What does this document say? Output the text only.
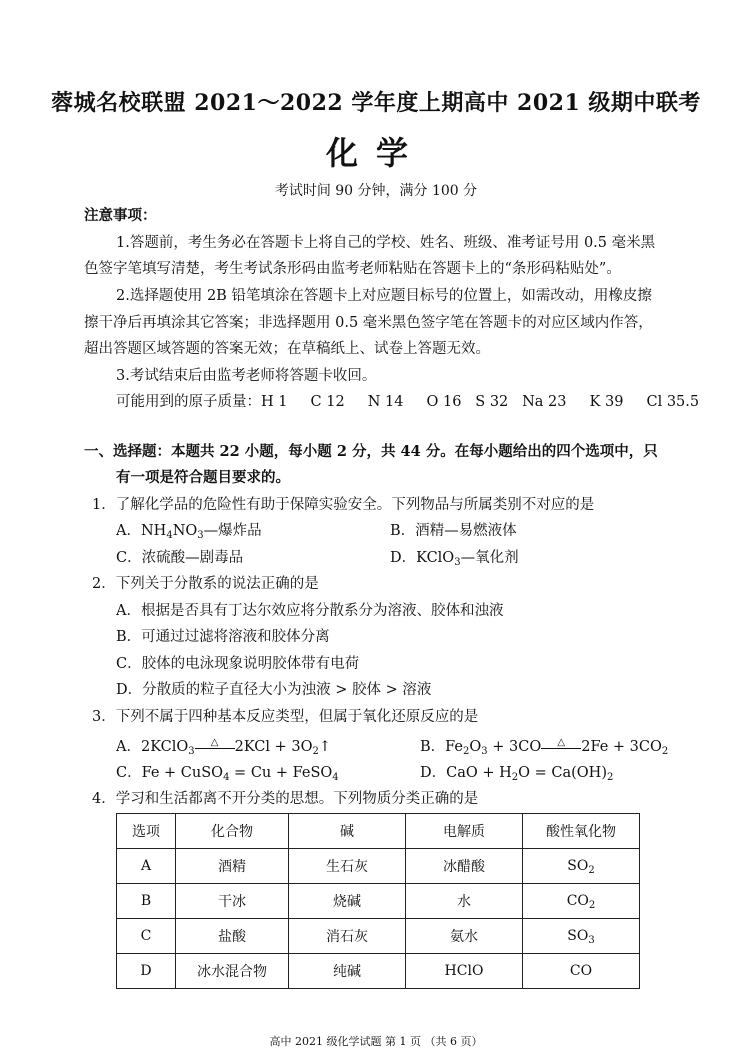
蓉城名校联盟 2021～2022 学年度上期高中 2021 级期中联考
化学
考试时间 90 分钟，满分 100 分
注意事项：
1.答题前，考生务必在答题卡上将自己的学校、姓名、班级、准考证号用 0.5 毫米黑
色签字笔填写清楚，考生考试条形码由监考老师粘贴在答题卡上的“条形码粘贴处”。
2.选择题使用 2B 铅笔填涂在答题卡上对应题目标号的位置上，如需改动，用橡皮擦
擦干净后再填涂其它答案；非选择题用 0.5 毫米黑色签字笔在答题卡的对应区域内作答，
超出答题区域答题的答案无效；在草稿纸上、试卷上答题无效。
3.考试结束后由监考老师将答题卡收回。
可能用到的原子质量：H 1     C 12     N 14     O 16   S 32   Na 23     K 39     Cl 35.5
一、选择题：本题共 22 小题，每小题 2 分，共 44 分。在每小题给出的四个选项中，只
有一项是符合题目要求的。
1．了解化学品的危险性有助于保障实验安全。下列物品与所属类别不对应的是
A．$NH_4NO_3—$爆炸品	B．酒精—易燃液体
C．浓硫酸—剧毒品	D．KClO$_3$—氧化剂
2．下列关于分散系的说法正确的是
A．根据是否具有丁达尔效应将分散系分为溶液、胶体和浊液
B．可通过过滤将溶液和胶体分离
C．胶体的电泳现象说明胶体带有电荷
D．分散质的粒子直径大小为浊液 > 胶体 > 溶液
3．下列不属于四种基本反应类型，但属于氧化还原反应的是
A．2KClO$_3$
△	$2KCl + 3O_2↑$	B．$Fe_2O_3 + 3CO$	△	$2Fe + 3CO_2$
C．Fe + CuSO$_4$ = Cu + FeSO$_4$	D．CaO + $H_2O = Ca(OH)_2$
4．学习和生活都离不开分类的思想。下列物质分类正确的是
选项	化合物	碱	电解质	酸性氧化物
A	酒精	生石灰	冰醋酸	$SO_2$
B	干冰	烧碱	水	$CO_2$
C	盐酸	消石灰	氨水	$SO_3$
D	冰水混合物	纯碱	HClO	CO
高中 2021 级化学试题 第 1 页 （共 6 页）
